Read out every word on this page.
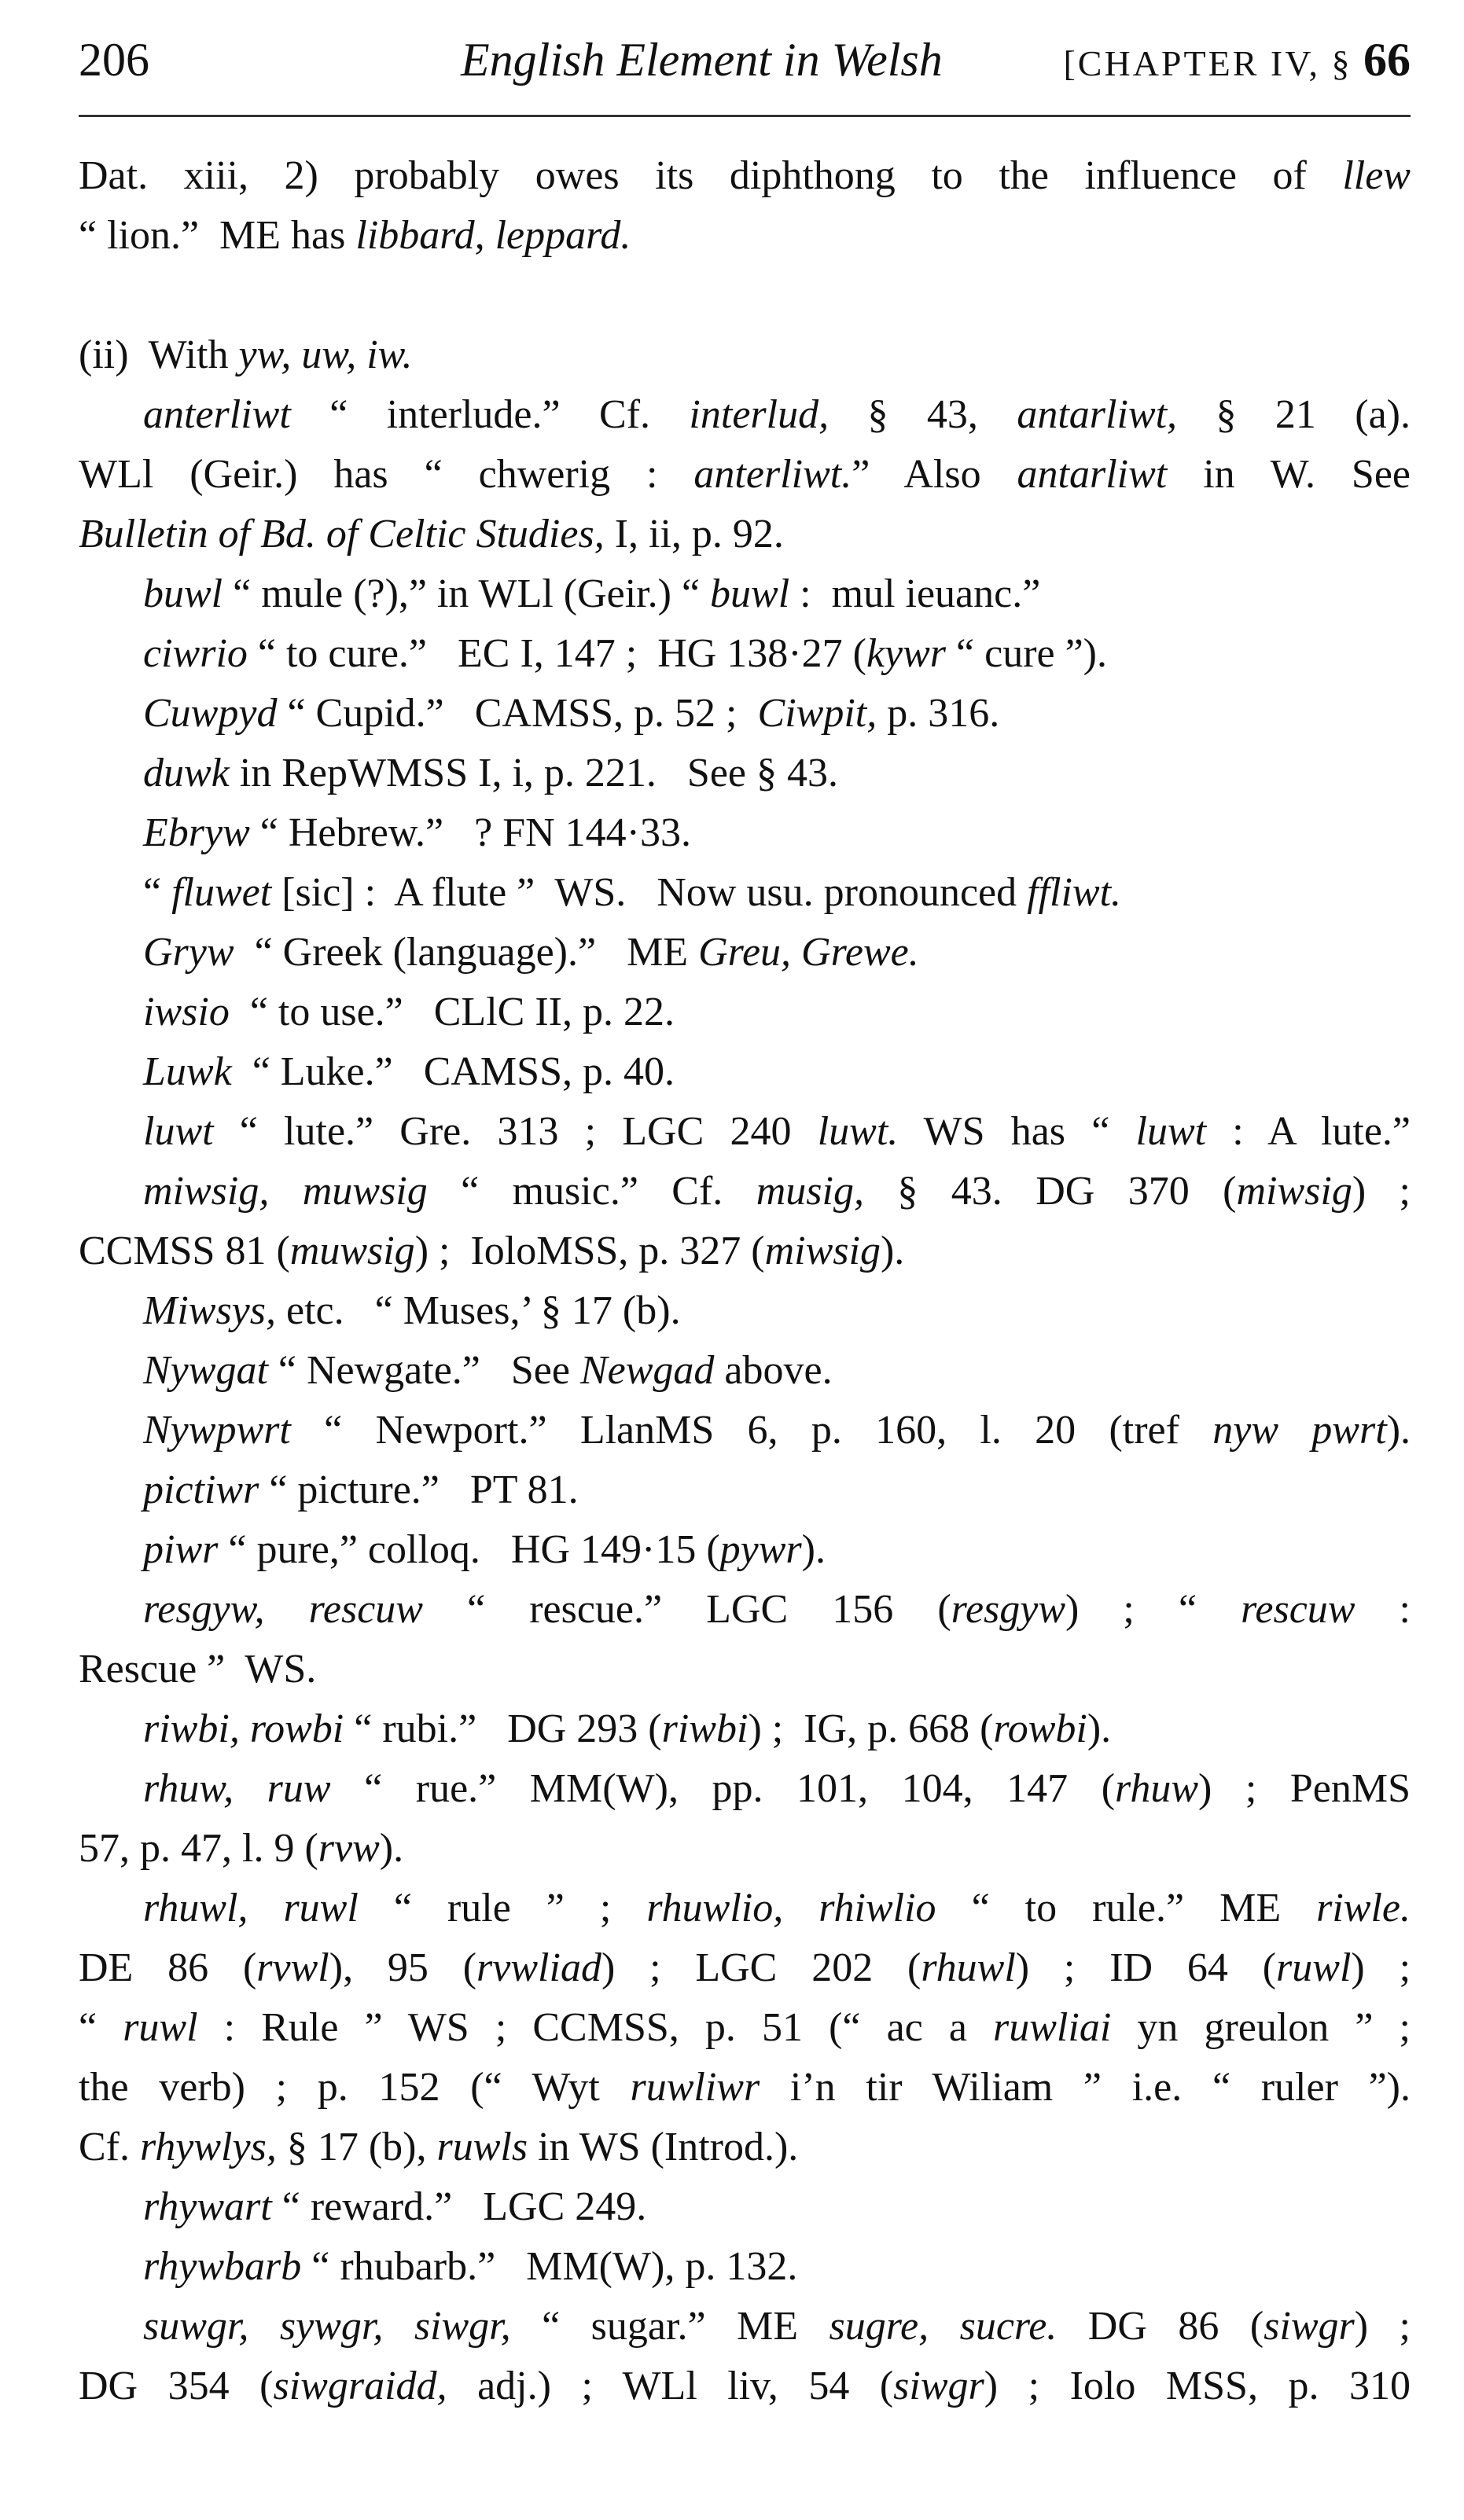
206	English Element in Welsh	[CHAPTER IV, § 66
Dat. xiii, 2) probably owes its diphthong to the influence of llew
“ lion.”  ME has libbard, leppard.
(ii)  With yw, uw, iw.
anterliwt “ interlude.” Cf. interlud, § 43, antarliwt, § 21 (a).
WLl (Geir.) has “ chwerig : anterliwt.” Also antarliwt in W. See
Bulletin of Bd. of Celtic Studies, I, ii, p. 92.
buwl “ mule (?),” in WLl (Geir.) “ buwl :  mul ieuanc.”
ciwrio “ to cure.”   EC I, 147 ;  HG 138·27 (kywr “ cure ”).
Cuwpyd “ Cupid.”   CAMSS, p. 52 ;  Ciwpit, p. 316.
duwk in RepWMSS I, i, p. 221.   See § 43.
Ebryw “ Hebrew.”   ? FN 144·33.
“ fluwet [sic] :  A flute ”  WS.   Now usu. pronounced ffliwt.
Gryw  “ Greek (language).”   ME Greu, Grewe.
iwsio  “ to use.”   CLlC II, p. 22.
Luwk  “ Luke.”   CAMSS, p. 40.
luwt “ lute.” Gre. 313 ; LGC 240 luwt. WS has “ luwt : A lute.”
miwsig, muwsig “ music.” Cf. musig, § 43. DG 370 (miwsig) ;
CCMSS 81 (muwsig) ;  IoloMSS, p. 327 (miwsig).
Miwsys, etc.   “ Muses,’ § 17 (b).
Nywgat “ Newgate.”   See Newgad above.
Nywpwrt “ Newport.” LlanMS 6, p. 160, l. 20 (tref nyw pwrt).
pictiwr “ picture.”   PT 81.
piwr “ pure,” colloq.   HG 149·15 (pywr).
resgyw, rescuw “ rescue.” LGC 156 (resgyw) ; “ rescuw :
Rescue ”  WS.
riwbi, rowbi “ rubi.”   DG 293 (riwbi) ;  IG, p. 668 (rowbi).
rhuw, ruw “ rue.” MM(W), pp. 101, 104, 147 (rhuw) ; PenMS
57, p. 47, l. 9 (rvw).
rhuwl, ruwl “ rule ” ; rhuwlio, rhiwlio “ to rule.” ME riwle.
DE 86 (rvwl), 95 (rvwliad) ; LGC 202 (rhuwl) ; ID 64 (ruwl) ;
“ ruwl : Rule ” WS ; CCMSS, p. 51 (“ ac a ruwliai yn greulon ” ;
the verb) ; p. 152 (“ Wyt ruwliwr i’n tir Wiliam ” i.e. “ ruler ”).
Cf. rhywlys, § 17 (b), ruwls in WS (Introd.).
rhywart “ reward.”   LGC 249.
rhywbarb “ rhubarb.”   MM(W), p. 132.
suwgr, sywgr, siwgr, “ sugar.” ME sugre, sucre. DG 86 (siwgr) ;
DG 354 (siwgraidd, adj.) ; WLl liv, 54 (siwgr) ; Iolo MSS, p. 310
